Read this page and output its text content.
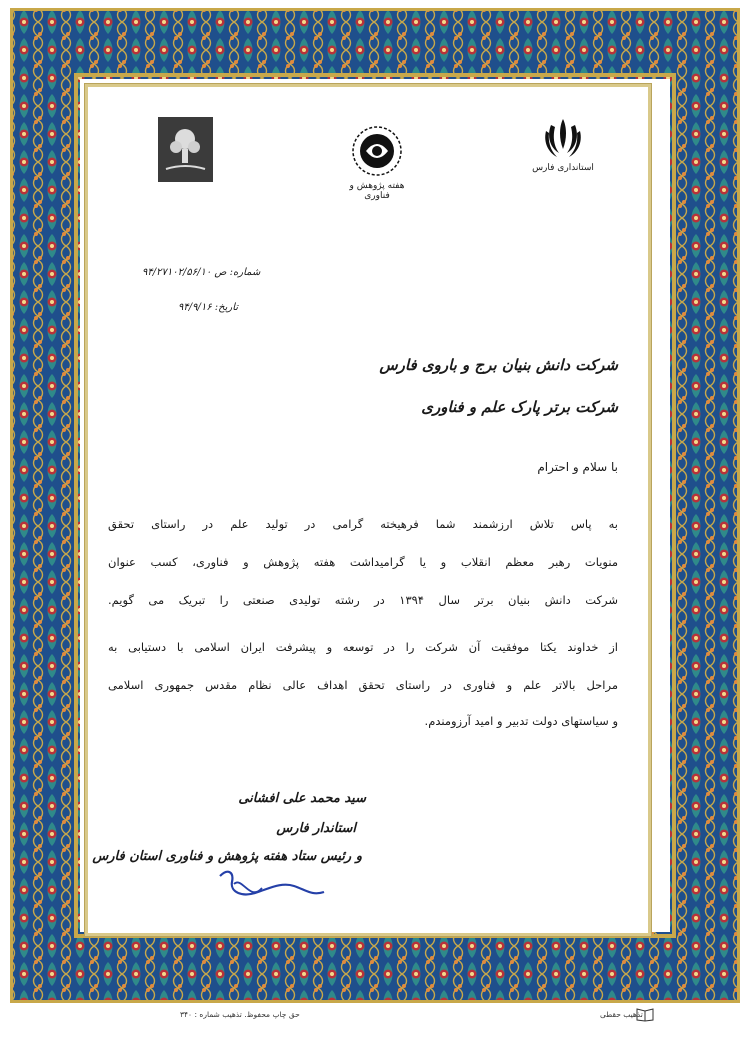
استانداری فارس
هفته پژوهش و فناوری
شماره: ص ۹۴/۲۷۱۰۲/۵۶/۱۰
تاریخ: ۹۴/۹/۱۶
شرکت دانش بنیان برج و باروی فارس
شرکت برتر پارک علم و فناوری
با سلام و احترام
به پاس تلاش ارزشمند شما فرهیخته گرامی در تولید علم در راستای تحقق
منویات رهبر معظم انقلاب و یا گرامیداشت هفته پژوهش و فناوری، کسب عنوان
شرکت دانش بنیان برتر سال ۱۳۹۴ در رشته تولیدی صنعتی را تبریک می گویم.
از خداوند یکتا موفقیت آن شرکت را در توسعه و پیشرفت ایران اسلامی با دستیابی به
مراحل بالاتر علم و فناوری در راستای تحقق اهداف عالی نظام مقدس جمهوری اسلامی
و سیاستهای دولت تدبیر و امید آرزومندم.
سید محمد علی افشانی
استاندار فارس
و رئیس ستاد هفته پژوهش و فناوری استان فارس
حق چاپ محفوظ. تذهیب شماره : ۳۴۰	تذهیب حقطی
